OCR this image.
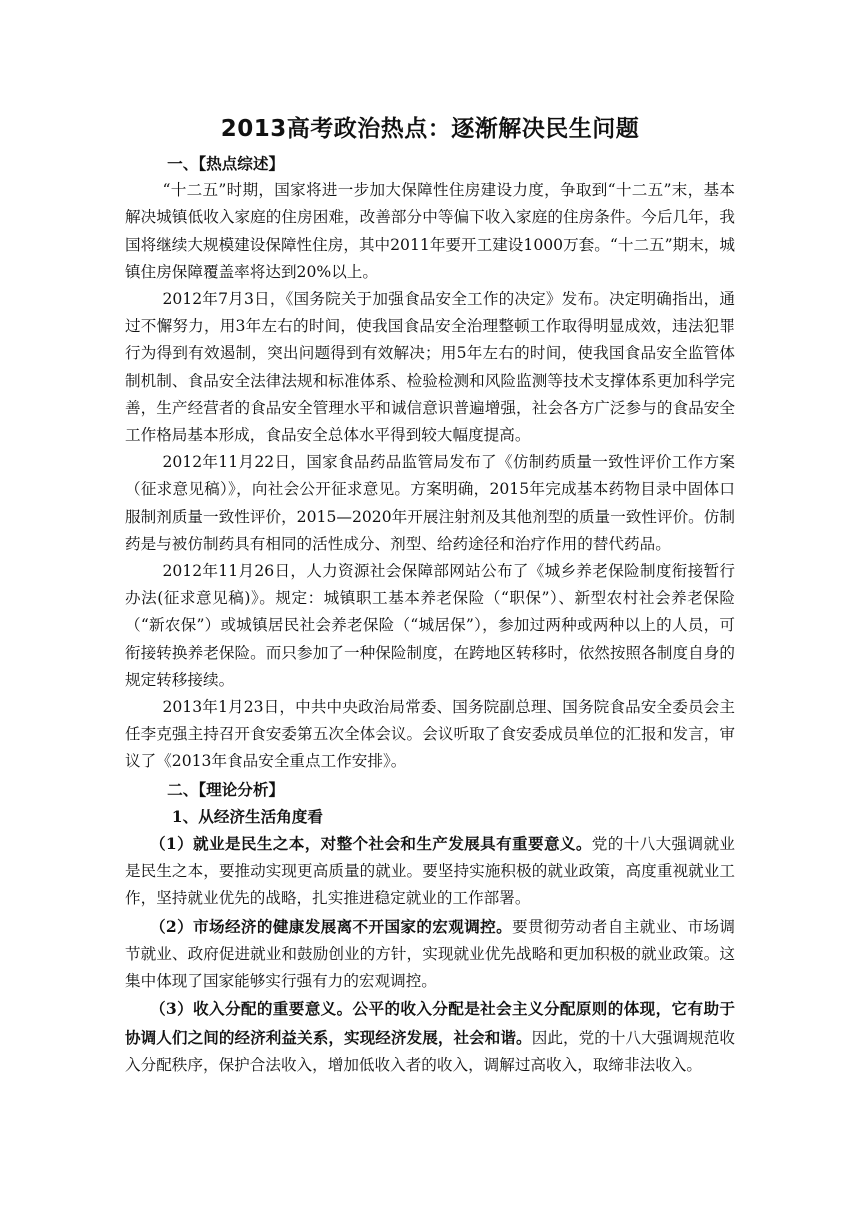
2013高考政治热点：逐渐解决民生问题

一、【热点综述】

“十二五”时期，国家将进一步加大保障性住房建设力度，争取到“十二五”末，基本解决城镇低收入家庭的住房困难，改善部分中等偏下收入家庭的住房条件。今后几年，我国将继续大规模建设保障性住房，其中2011年要开工建设1000万套。“十二五”期末，城镇住房保障覆盖率将达到20%以上。

2012年7月3日，《国务院关于加强食品安全工作的决定》发布。决定明确指出，通过不懈努力，用3年左右的时间，使我国食品安全治理整顿工作取得明显成效，违法犯罪行为得到有效遏制，突出问题得到有效解决；用5年左右的时间，使我国食品安全监管体制机制、食品安全法律法规和标准体系、检验检测和风险监测等技术支撑体系更加科学完善，生产经营者的食品安全管理水平和诚信意识普遍增强，社会各方广泛参与的食品安全工作格局基本形成，食品安全总体水平得到较大幅度提高。

2012年11月22日，国家食品药品监管局发布了《仿制药质量一致性评价工作方案（征求意见稿）》，向社会公开征求意见。方案明确，2015年完成基本药物目录中固体口服制剂质量一致性评价，2015—2020年开展注射剂及其他剂型的质量一致性评价。仿制药是与被仿制药具有相同的活性成分、剂型、给药途径和治疗作用的替代药品。

2012年11月26日，人力资源社会保障部网站公布了《城乡养老保险制度衔接暂行办法(征求意见稿)》。规定：城镇职工基本养老保险（“职保”）、新型农村社会养老保险（“新农保”）或城镇居民社会养老保险（“城居保”），参加过两种或两种以上的人员，可衔接转换养老保险。而只参加了一种保险制度，在跨地区转移时，依然按照各制度自身的规定转移接续。

2013年1月23日，中共中央政治局常委、国务院副总理、国务院食品安全委员会主任李克强主持召开食安委第五次全体会议。会议听取了食安委成员单位的汇报和发言，审议了《2013年食品安全重点工作安排》。

二、【理论分析】

1、从经济生活角度看

（1）就业是民生之本，对整个社会和生产发展具有重要意义。党的十八大强调就业是民生之本，要推动实现更高质量的就业。要坚持实施积极的就业政策，高度重视就业工作，坚持就业优先的战略，扎实推进稳定就业的工作部署。

（2）市场经济的健康发展离不开国家的宏观调控。要贯彻劳动者自主就业、市场调节就业、政府促进就业和鼓励创业的方针，实现就业优先战略和更加积极的就业政策。这集中体现了国家能够实行强有力的宏观调控。

（3）收入分配的重要意义。公平的收入分配是社会主义分配原则的体现，它有助于协调人们之间的经济利益关系，实现经济发展，社会和谐。因此，党的十八大强调规范收入分配秩序，保护合法收入，增加低收入者的收入，调解过高收入，取缔非法收入。
